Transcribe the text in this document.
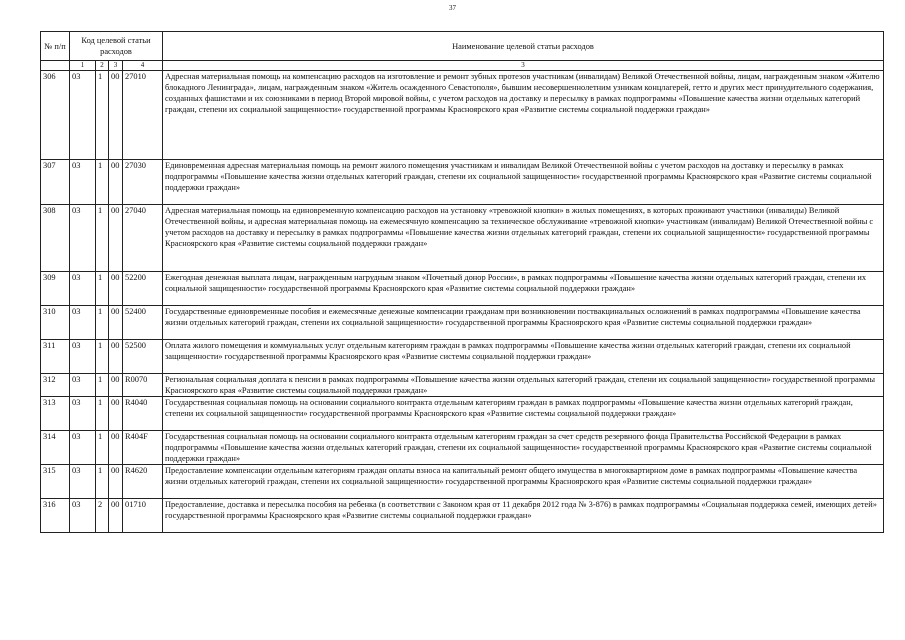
37
№ п/п	Код целевой статьи расходов				Наименование целевой статьи расходов
	1	2	3	4	3
306	03	1	00	27010	Адресная материальная помощь на компенсацию расходов на изготовление и ремонт зубных протезов участникам (инвалидам) Великой Отечественной войны, лицам, награжденным знаком «Жителю блокадного Ленинграда», лицам, награжденным знаком «Житель осажденного Севастополя», бывшим несовершеннолетним узникам концлагерей, гетто и других мест принудительного содержания, созданных фашистами и их союзниками в период Второй мировой войны, с учетом расходов на доставку и пересылку в рамках подпрограммы «Повышение качества жизни отдельных категорий граждан, степени их социальной защищенности» государственной программы Красноярского края «Развитие системы социальной поддержки граждан»
307	03	1	00	27030	Единовременная адресная материальная помощь на ремонт жилого помещения участникам и инвалидам Великой Отечественной войны с учетом расходов на доставку и пересылку в рамках подпрограммы «Повышение качества жизни отдельных категорий граждан, степени их социальной защищенности» государственной программы Красноярского края «Развитие системы социальной поддержки граждан»
308	03	1	00	27040	Адресная материальная помощь на единовременную компенсацию расходов на установку «тревожной кнопки» в жилых помещениях, в которых проживают участники (инвалиды) Великой Отечественной войны, и адресная материальная помощь на ежемесячную компенсацию за техническое обслуживание «тревожной кнопки» участникам (инвалидам) Великой Отечественной войны с учетом расходов на доставку и пересылку в рамках подпрограммы «Повышение качества жизни отдельных категорий граждан, степени их социальной защищенности» государственной программы Красноярского края «Развитие системы социальной поддержки граждан»
309	03	1	00	52200	Ежегодная денежная выплата лицам, награжденным нагрудным знаком «Почетный донор России», в рамках подпрограммы «Повышение качества жизни отдельных категорий граждан, степени их социальной защищенности» государственной программы Красноярского края «Развитие системы социальной поддержки граждан»
310	03	1	00	52400	Государственные единовременные пособия и ежемесячные денежные компенсации гражданам при возникновении поствакцинальных осложнений в рамках подпрограммы «Повышение качества жизни отдельных категорий граждан, степени их социальной защищенности» государственной программы Красноярского края «Развитие системы социальной поддержки граждан»
311	03	1	00	52500	Оплата жилого помещения и коммунальных услуг отдельным категориям граждан в рамках подпрограммы «Повышение качества жизни отдельных категорий граждан, степени их социальной защищенности» государственной программы Красноярского края «Развитие системы социальной поддержки граждан»
312	03	1	00	R0070	Региональная социальная доплата к пенсии в рамках подпрограммы «Повышение качества жизни отдельных категорий граждан, степени их социальной защищенности» государственной программы Красноярского края «Развитие системы социальной поддержки граждан»
313	03	1	00	R4040	Государственная социальная помощь на основании социального контракта отдельным категориям граждан в рамках подпрограммы «Повышение качества жизни отдельных категорий граждан, степени их социальной защищенности» государственной программы Красноярского края «Развитие системы социальной поддержки граждан»
314	03	1	00	R404F	Государственная социальная помощь на основании социального контракта отдельным категориям граждан за счет средств резервного фонда Правительства Российской Федерации в рамках подпрограммы «Повышение качества жизни отдельных категорий граждан, степени их социальной защищенности» государственной программы Красноярского края «Развитие системы социальной поддержки граждан»
315	03	1	00	R4620	Предоставление компенсации отдельным категориям граждан оплаты взноса на капитальный ремонт общего имущества в многоквартирном доме в рамках подпрограммы «Повышение качества жизни отдельных категорий граждан, степени их социальной защищенности» государственной программы Красноярского края «Развитие системы социальной поддержки граждан»
316	03	2	00	01710	Предоставление, доставка и пересылка пособия на ребенка (в соответствии с Законом края от 11 декабря 2012 года № 3-876) в рамках подпрограммы «Социальная поддержка семей, имеющих детей» государственной программы Красноярского края «Развитие системы социальной поддержки граждан»
